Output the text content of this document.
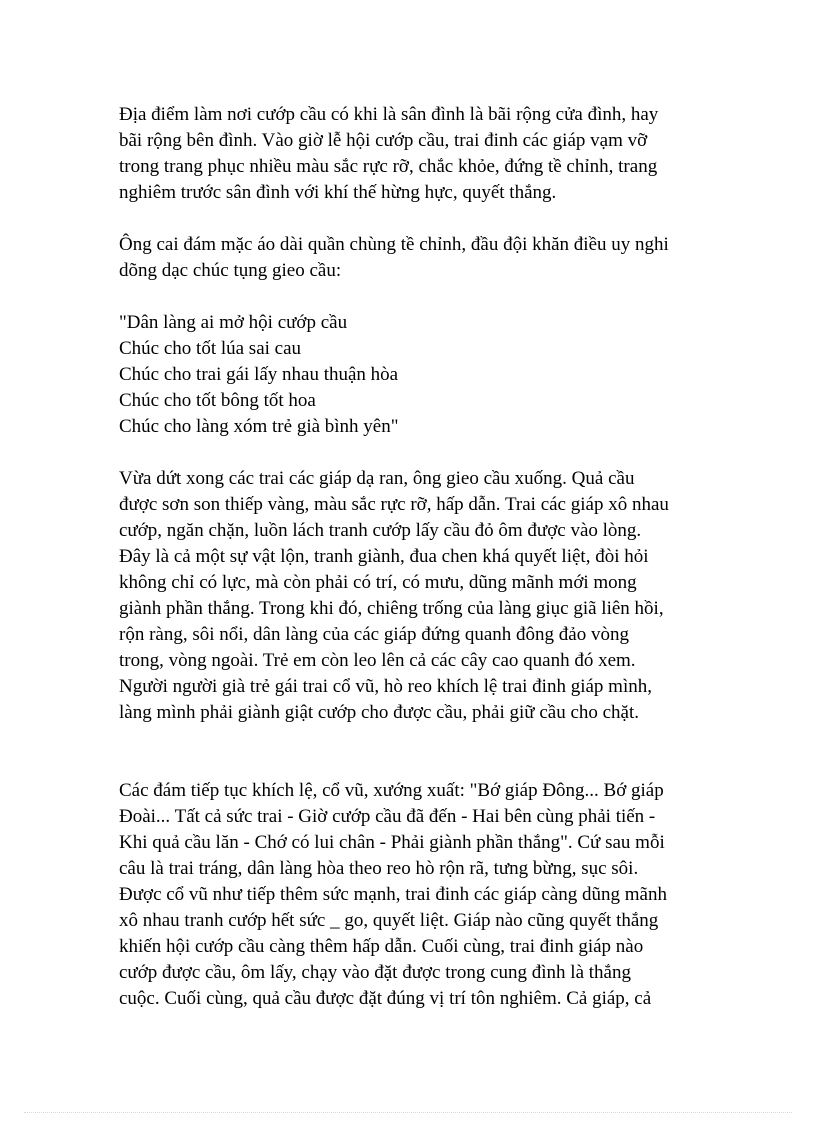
Địa điểm làm nơi cướp cầu có khi là sân đình là bãi rộng cửa đình, hay
bãi rộng bên đình. Vào giờ lễ hội cướp cầu, trai đinh các giáp vạm vỡ
trong trang phục nhiều màu sắc rực rỡ, chắc khỏe, đứng tề chỉnh, trang
nghiêm trước sân đình với khí thế hừng hực, quyết thắng.

Ông cai đám mặc áo dài quần chùng tề chỉnh, đầu đội khăn điều uy nghi
dõng dạc chúc tụng gieo cầu:

"Dân làng ai mở hội cướp cầu
Chúc cho tốt lúa sai cau
Chúc cho trai gái lấy nhau thuận hòa
Chúc cho tốt bông tốt hoa
Chúc cho làng xóm trẻ già bình yên"

Vừa dứt xong các trai các giáp dạ ran, ông gieo cầu xuống. Quả cầu
được sơn son thiếp vàng, màu sắc rực rỡ, hấp dẫn. Trai các giáp xô nhau
cướp, ngăn chặn, luồn lách tranh cướp lấy cầu đỏ ôm được vào lòng.
Đây là cả một sự vật lộn, tranh giành, đua chen khá quyết liệt, đòi hỏi
không chỉ có lực, mà còn phải có trí, có mưu, dũng mãnh mới mong
giành phần thắng. Trong khi đó, chiêng trống của làng giục giã liên hồi,
rộn ràng, sôi nổi, dân làng của các giáp đứng quanh đông đảo vòng
trong, vòng ngoài. Trẻ em còn leo lên cả các cây cao quanh đó xem.
Người người già trẻ gái trai cổ vũ, hò reo khích lệ trai đinh giáp mình,
làng mình phải giành giật cướp cho được cầu, phải giữ cầu cho chặt.

Các đám tiếp tục khích lệ, cổ vũ, xướng xuất: "Bớ giáp Đông... Bớ giáp
Đoài... Tất cả sức trai - Giờ cướp cầu đã đến - Hai bên cùng phải tiến -
Khi quả cầu lăn - Chớ có lui chân - Phải giành phần thắng". Cứ sau mỗi
câu là trai tráng, dân làng hòa theo reo hò rộn rã, tưng bừng, sục sôi.
Được cổ vũ như tiếp thêm sức mạnh, trai đinh các giáp càng dũng mãnh
xô nhau tranh cướp hết sức _ go, quyết liệt. Giáp nào cũng quyết thắng
khiến hội cướp cầu càng thêm hấp dẫn. Cuối cùng, trai đinh giáp nào
cướp được cầu, ôm lấy, chạy vào đặt được trong cung đình là thắng
cuộc. Cuối cùng, quả cầu được đặt đúng vị trí tôn nghiêm. Cả giáp, cả
